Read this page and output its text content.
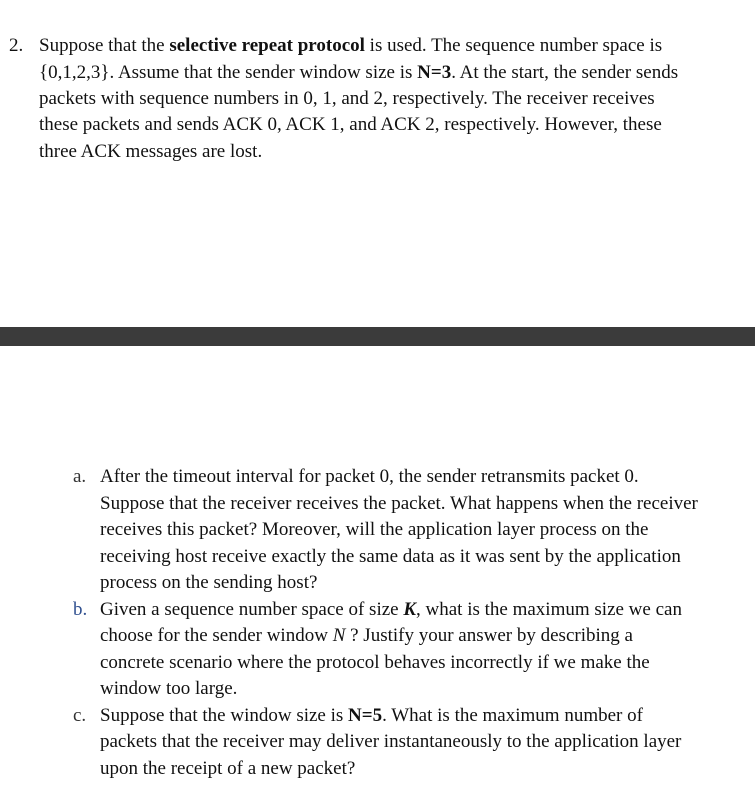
2. Suppose that the selective repeat protocol is used. The sequence number space is
{0,1,2,3}. Assume that the sender window size is N=3. At the start, the sender sends
packets with sequence numbers in 0, 1, and 2, respectively. The receiver receives
these packets and sends ACK 0, ACK 1, and ACK 2, respectively. However, these
three ACK messages are lost.
a. After the timeout interval for packet 0, the sender retransmits packet 0.
Suppose that the receiver receives the packet. What happens when the receiver
receives this packet? Moreover, will the application layer process on the
receiving host receive exactly the same data as it was sent by the application
process on the sending host?
b. Given a sequence number space of size K, what is the maximum size we can
choose for the sender window N ? Justify your answer by describing a
concrete scenario where the protocol behaves incorrectly if we make the
window too large.
c. Suppose that the window size is N=5. What is the maximum number of
packets that the receiver may deliver instantaneously to the application layer
upon the receipt of a new packet?
